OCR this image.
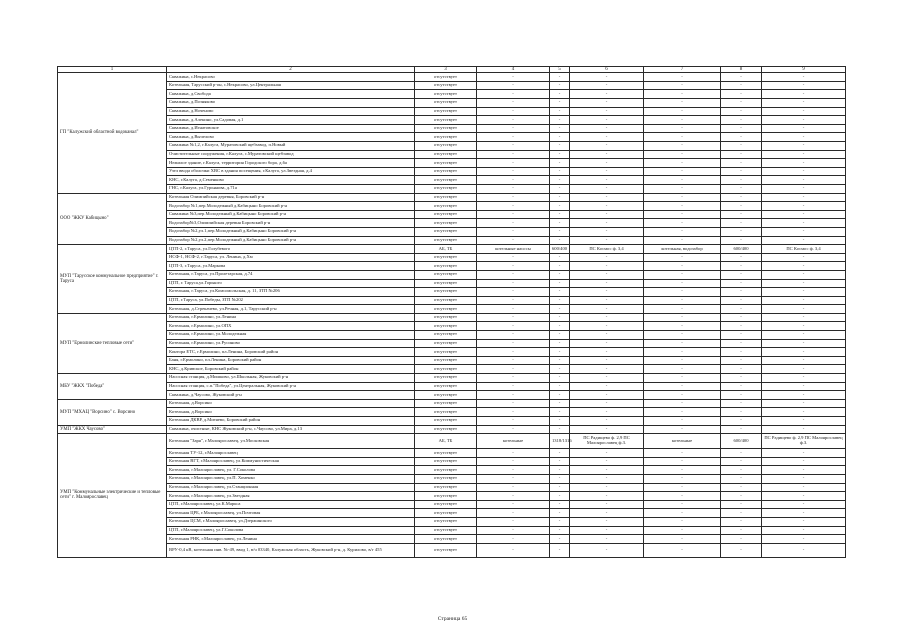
1	2	3	4	5	6	7	8	9
ГП "Калужский областной водоканал"	Скважина, с.Некрасово	отсутствует	-	-	-	-	-	-
	Котельная, Тарусский р-он, с.Некрасово, ул.Центральная	отсутствует	-	-	-	-	-	-
	Скважина, д.Свобода	отсутствует	-	-	-	-	-	-
	Скважина, д.Позняково	отсутствует	-	-	-	-	-	-
	Скважина, д.Ноченово	отсутствует	-	-	-	-	-	-
	Скважина, д.Алекино, ул.Садовая, д.1	отсутствует	-	-	-	-	-	-
	Скважина, д.Игнатовское	отсутствует	-	-	-	-	-	-
	Скважина, д.Вычелово	отсутствует	-	-	-	-	-	-
	Скважина №1,2, г.Калуга, Муратовский щебзавод, п.Новый	отсутствует	-	-	-	-	-	-
	Очистительные сооружения, г.Калуга, с.Муратовский щебзавод	отсутствует	-	-	-	-	-	-
	Нежилое здание, г.Калуга, территория Городского бора, д.6а	отсутствует	-	-	-	-	-	-
	Узел ввода оболочки ХВС в здания посещения, г.Калуга, ул.Звездная, д.4	отсутствует	-	-	-	-	-	-
	КНС, г.Калуга, д.Семенково	отсутствует	-	-	-	-	-	-
	ГНС, г.Калуга, ул.Гурьянова, д.71а	отсутствует	-	-	-	-	-	-
ООО "ЖКУ Кабицыно"	Котельная Олимпийская деревня, Боровский р-н	отсутствует	-	-	-	-	-	-
	Водозабор №1,пер.Молодежный д.Кабицыно Боровский р-н	отсутствует	-	-	-	-	-	-
	Скважина №3,пер.Молодежный д.Кабицыно Боровский р-н	отсутствует	-	-	-	-	-	-
	Водозабор№3,Олимпийская деревня Боровский р-н	отсутствует	-	-	-	-	-	-
	Водозабор №2,ул.1,пер.Молодежный д.Кабицыно Боровский р-н	отсутствует	-	-	-	-	-	-
	Водозабор №2,ул.2,пер.Молодежный д.Кабицыно Боровский р-н	отсутствует	-	-	-	-	-	-
МУП "Тарусское коммунальное предприятие" г. Таруса	ЦТП-2, г.Таруса, ул.Голубевого	АБ, ТБ	котельные насосы	600/400	ПС Космос ф. 3,4	котельная, водозабор	600/400	ПС Космос ф. 3,4
	НСФ-1, НСФ-2, г.Таруса, ул. Ленина, д.Хм	отсутствует	-	-	-	-	-	-
	ЦТП-3, г.Таруса, ул.Маркова	отсутствует	-	-	-	-	-	-
	Котельная, г.Таруса, ул.Пролетарская, д.74	отсутствует	-	-	-	-	-	-
	ЦТП, г. Таруса,ул.Горького	отсутствует	-	-	-	-	-	-
	Котельная, г.Таруса, ул.Комсомольская, д. 11, ЗТП №206	отсутствует	-	-	-	-	-	-
	ЦТП, г.Таруса, ул.Победы, ЗТП №202	отсутствует	-	-	-	-	-	-
	Котельная, д.Стрекачево, ул.Речная, д.1, Тарусский р-н	отсутствует	-	-	-	-	-	-
МУП "Ермолинские тепловые сети"	Котельная, г.Ермолино, ул.Ленина	отсутствует	-	-	-	-	-	-
	Котельная, г.Ермолино, ул.ОПХ	отсутствует	-	-	-	-	-	-
	Котельная, г.Ермолино, ул.Молодежная	отсутствует	-	-	-	-	-	-
	Котельная, г.Ермолино, ул.Русиново	отсутствует	-	-	-	-	-	-
	Контора ЕТС, г.Ермолино, пл.Ленина, Боровский район	отсутствует	-	-	-	-	-	-
	Баня, г.Ермолино, пл.Ленина, Боровский район	отсутствует	-	-	-	-	-	-
	КНС, д.Кривское, Боровский район	отсутствует	-	-	-	-	-	-
МБУ "ЖКХ "Победа"	Насосная станция, д.Мишково, ул.Школьная, Жуковский р-н	отсутствует	-	-	-	-	-	-
	Насосная станция, с.п."Победа", ул.Центральная, Жуковский р-н	отсутствует	-	-	-	-	-	-
	Скважина, д.Чаусово, Жуковский р-н	отсутствует	-	-	-	-	-	-
МУП "МХАЦ "Ворсино" с. Ворсино	Котельная, д.Ворсино	отсутствует	-	-	-	-	-	-
	Котельная, д.Ворсино	отсутствует	-	-	-	-	-	-
	Котельная ДКВР, д.Митяево, Боровский район	отсутствует	-	-	-	-	-	-
УМП "ЖКХ Чаусово"	Скважина, очистные, КНС Жуковский р-н, с.Чаусово, ул.Мира, д.13	отсутствует	-	-	-	-	-	-
УМП "Коммунальные электрические и тепловые сети" г. Малоярославец	Котельная "Заря", г.Малоярославец, ул.Московская	АБ, ТБ	котельные	1318/1316	ПС Радищево ф. 2,9 ПС Малоярославец ф.3.	котельные	600/400	ПС Радищево ф. 2,9 ПС Малоярославец ф.3.
	Котельная ТУ-12, г.Малоярославец	отсутствует	-	-	-	-	-	-
	Котельная ВГТ, г.Малоярославец, ул.Коммунистическая	отсутствует	-	-	-	-	-	-
	Котельная, г.Малоярославец, ул. Г.Соколова	отсутствует	-	-	-	-	-	-
	Котельная, г.Малоярославец, ул.П. Хоменко	отсутствует	-	-	-	-	-	-
	Котельная, г.Малоярославец, ул.Станционная	отсутствует	-	-	-	-	-	-
	Котельная, г.Малоярославец, ул.Звездная	отсутствует	-	-	-	-	-	-
	ЦТП, г.Малоярославец, ул.К.Маркса	отсутствует	-	-	-	-	-	-
	Котельная ЦРБ, г.Малоярославец, ул.Почтовая	отсутствует	-	-	-	-	-	-
	Котельная ЦСМ, г.Малоярославец, ул.Дзержинского	отсутствует	-	-	-	-	-	-
	ЦТП, г.Малоярославец, ул.Г.Соколова	отсутствует	-	-	-	-	-	-
	Котельная РНК, г.Малоярославец, ул.Ленина	отсутствует	-	-	-	-	-	-
	ВРУ-0,4 кВ, котельная инв. №-49, ввод 1, в/ч 03340, Калужская область, Жуковский р-н, д. Курилово, в/г 455	отсутствует	-	-	-	-	-	-
Страница 65
